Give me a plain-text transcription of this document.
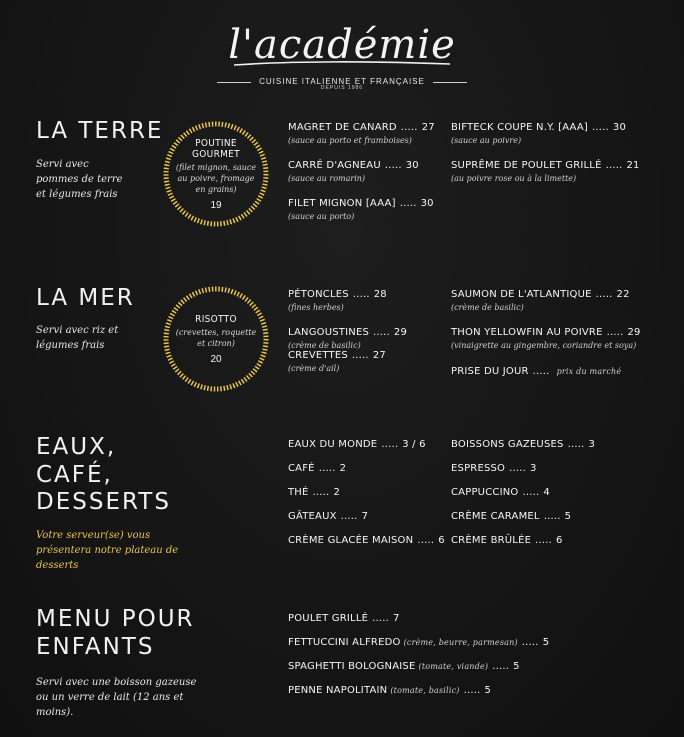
l'académie
CUISINE ITALIENNE ET FRANÇAISE
DEPUIS 1986
LA TERRE
Servi avec pommes de terre et légumes frais
POUTINE GOURMET
(filet mignon, sauce au poivre, fromage en grains)
19
MAGRET DE CANARD ..... 27
(sauce au porto et framboises)
CARRÉ D'AGNEAU ..... 30
(sauce au romarin)
FILET MIGNON [AAA] ..... 30
(sauce au porto)
BIFTECK COUPE N.Y. [AAA] ..... 30
(sauce au poivre)
SUPRÊME DE POULET GRILLÉ ..... 21
(au poivre rose ou à la limette)
LA MER
Servi avec riz et légumes frais
RISOTTO
(crevettes, roquette et citron)
20
PÉTONCLES ..... 28
(fines herbes)
LANGOUSTINES ..... 29
(crème de basilic)
CREVETTES ..... 27
(crème d'ail)
SAUMON DE L'ATLANTIQUE ..... 22
(crème de basilic)
THON YELLOWFIN AU POIVRE ..... 29
(vinaigrette au gingembre, coriandre et soya)
PRISE DU JOUR ..... prix du marché
EAUX,
CAFÉ,
DESSERTS
Votre serveur(se) vous présentera notre plateau de desserts
EAUX DU MONDE ..... 3 / 6
CAFÉ ..... 2
THÉ ..... 2
GÂTEAUX ..... 7
CRÈME GLACÉE MAISON ..... 6
BOISSONS GAZEUSES ..... 3
ESPRESSO ..... 3
CAPPUCCINO ..... 4
CRÈME CARAMEL ..... 5
CRÈME BRÛLÉE ..... 6
MENU POUR
ENFANTS
Servi avec une boisson gazeuse ou un verre de lait (12 ans et moins).
POULET GRILLÉ ..... 7
FETTUCCINI ALFREDO (crème, beurre, parmesan) ..... 5
SPAGHETTI BOLOGNAISE (tomate, viande) ..... 5
PENNE NAPOLITAIN (tomate, basilic) ..... 5
